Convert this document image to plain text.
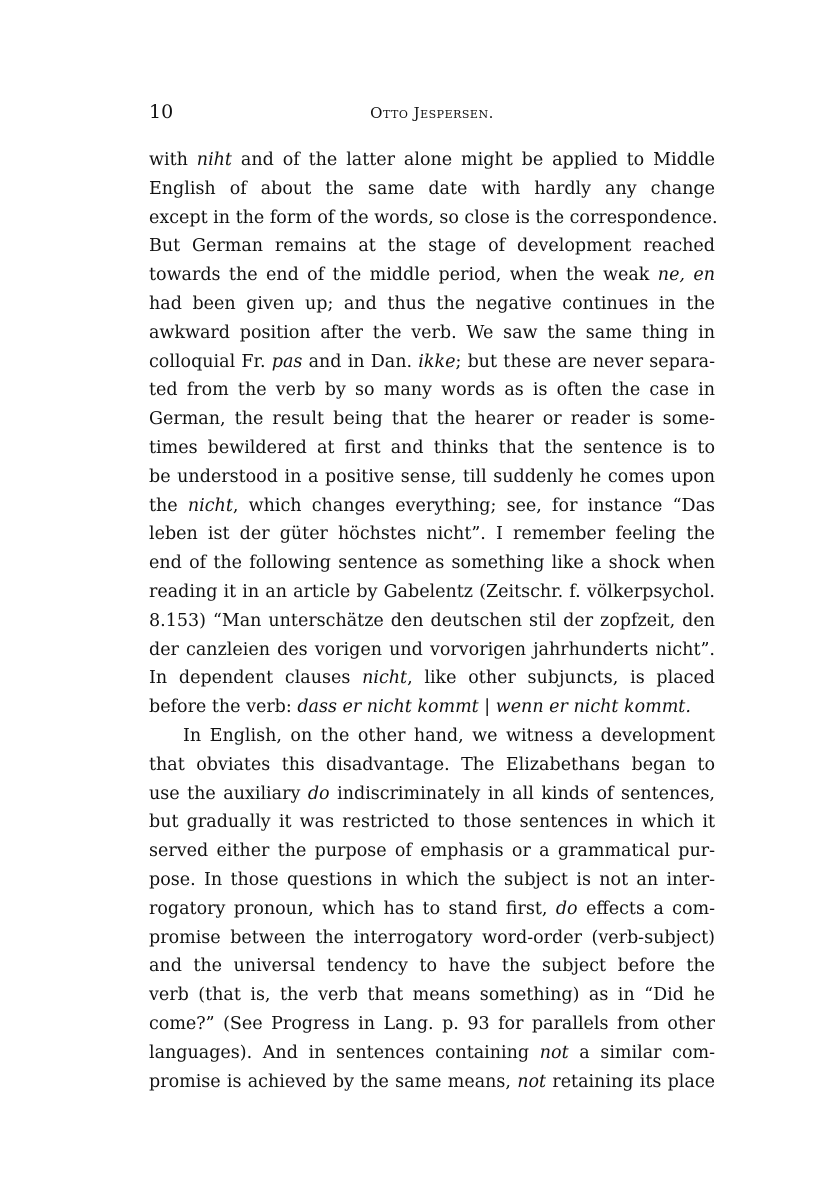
10	Otto Jespersen.
with niht and of the latter alone might be applied to Middle
English of about the same date with hardly any change
except in the form of the words, so close is the correspondence.
But German remains at the stage of development reached
towards the end of the middle period, when the weak ne, en
had been given up; and thus the negative continues in the
awkward position after the verb. We saw the same thing in
colloquial Fr. pas and in Dan. ikke; but these are never separa-
ted from the verb by so many words as is often the case in
German, the result being that the hearer or reader is some-
times bewildered at first and thinks that the sentence is to
be understood in a positive sense, till suddenly he comes upon
the nicht, which changes everything; see, for instance “Das
leben ist der güter höchstes nicht”. I remember feeling the
end of the following sentence as something like a shock when
reading it in an article by Gabelentz (Zeitschr. f. völkerpsychol.
8.153) “Man unterschätze den deutschen stil der zopfzeit, den
der canzleien des vorigen und vorvorigen jahrhunderts nicht”.
In dependent clauses nicht, like other subjuncts, is placed
before the verb: dass er nicht kommt | wenn er nicht kommt.
In English, on the other hand, we witness a development
that obviates this disadvantage. The Elizabethans began to
use the auxiliary do indiscriminately in all kinds of sentences,
but gradually it was restricted to those sentences in which it
served either the purpose of emphasis or a grammatical pur-
pose. In those questions in which the subject is not an inter-
rogatory pronoun, which has to stand first, do effects a com-
promise between the interrogatory word-order (verb-subject)
and the universal tendency to have the subject before the
verb (that is, the verb that means something) as in “Did he
come?” (See Progress in Lang. p. 93 for parallels from other
languages). And in sentences containing not a similar com-
promise is achieved by the same means, not retaining its place
